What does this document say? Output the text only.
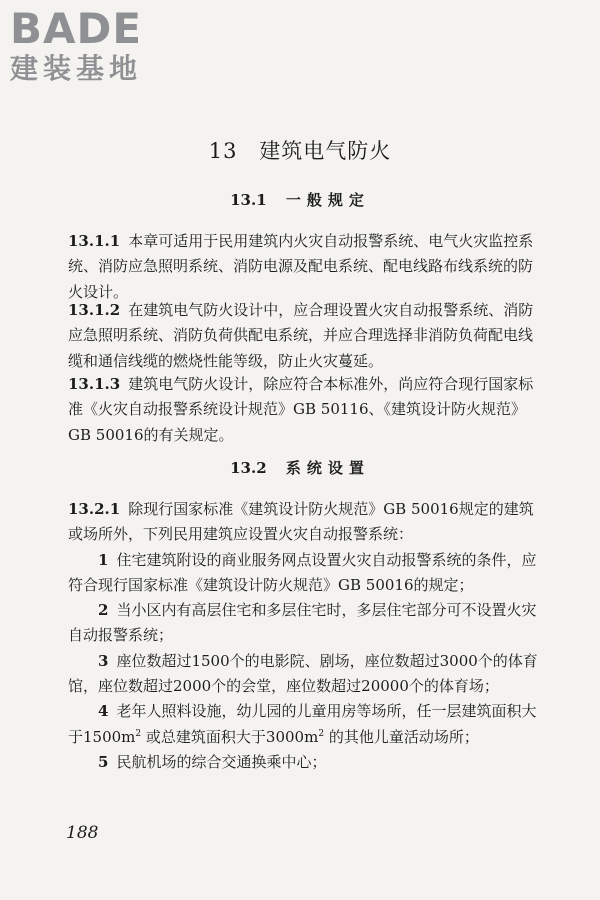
BADE
建装基地
13 建筑电气防火
13.1 一般规定
13.1.1 本章可适用于民用建筑内火灾自动报警系统、电气火灾监控系统、消防应急照明系统、消防电源及配电系统、配电线路布线系统的防火设计。
13.1.2 在建筑电气防火设计中，应合理设置火灾自动报警系统、消防应急照明系统、消防负荷供配电系统，并应合理选择非消防负荷配电线缆和通信线缆的燃烧性能等级，防止火灾蔓延。
13.1.3 建筑电气防火设计，除应符合本标准外，尚应符合现行国家标准《火灾自动报警系统设计规范》GB 50116、《建筑设计防火规范》GB 50016的有关规定。
13.2 系统设置
13.2.1 除现行国家标准《建筑设计防火规范》GB 50016规定的建筑或场所外，下列民用建筑应设置火灾自动报警系统：
1 住宅建筑附设的商业服务网点设置火灾自动报警系统的条件，应符合现行国家标准《建筑设计防火规范》GB 50016的规定；
2 当小区内有高层住宅和多层住宅时，多层住宅部分可不设置火灾自动报警系统；
3 座位数超过1500个的电影院、剧场，座位数超过3000个的体育馆，座位数超过2000个的会堂，座位数超过20000个的体育场；
4 老年人照料设施，幼儿园的儿童用房等场所，任一层建筑面积大于$1500m^2$ 或总建筑面积大于$3000m^2$ 的其他儿童活动场所；
5 民航机场的综合交通换乘中心；
188
